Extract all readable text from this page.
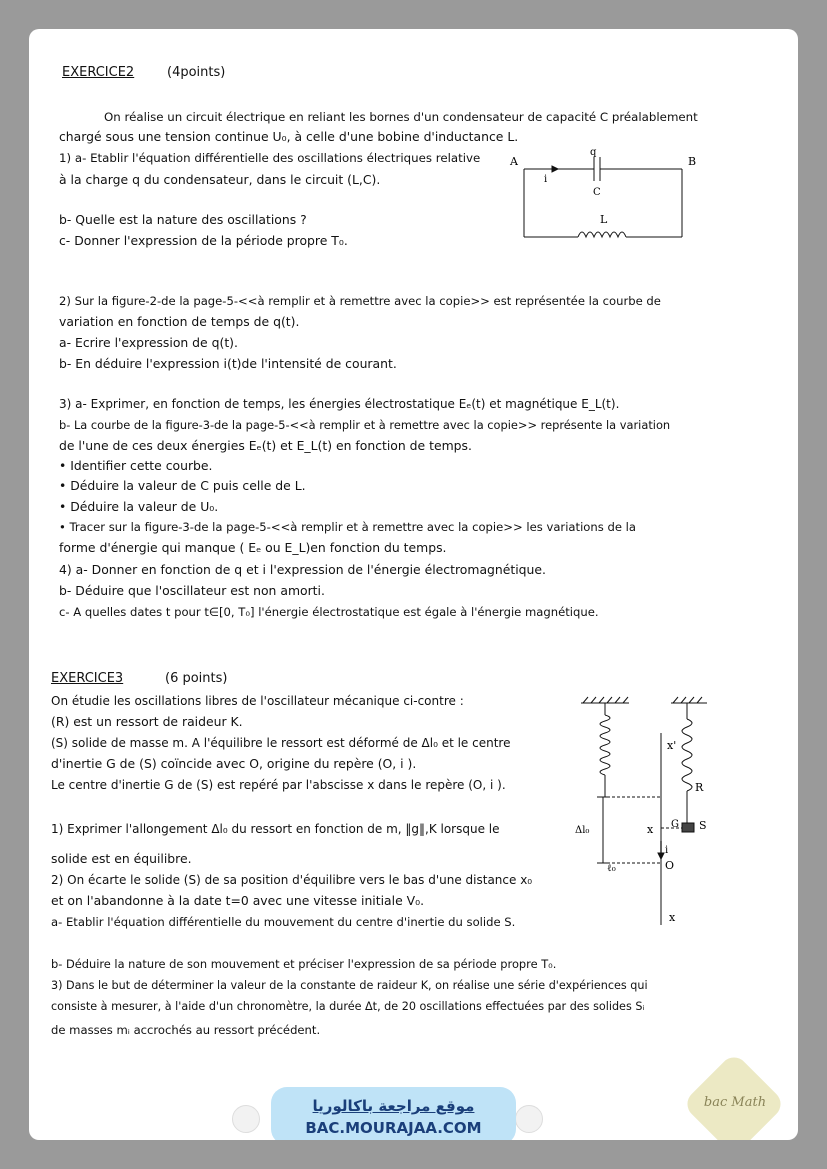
EXERCICE2	(4points)
On réalise un circuit électrique en reliant les bornes d'un condensateur de capacité C préalablement
chargé sous une tension continue U₀, à celle d'une bobine d'inductance L.
1) a- Etablir l'équation différentielle des oscillations électriques relative
à la charge q du condensateur, dans le circuit (L,C).
b- Quelle est la nature des oscillations ?
c- Donner l'expression de la période propre T₀.
A	B
q
i
C
L
2) Sur la figure-2-de la page-5-<<à remplir et à remettre avec la copie>> est représentée la courbe de
variation en fonction de temps de q(t).
a- Ecrire l'expression de q(t).
b- En déduire l'expression i(t)de l'intensité de courant.
3) a- Exprimer, en fonction de temps, les énergies électrostatique Eₑ(t) et magnétique E_L(t).
b- La courbe de la figure-3-de la page-5-<<à remplir et à remettre avec la copie>> représente la variation
de l'une de ces deux énergies Eₑ(t) et E_L(t) en fonction de temps.
• Identifier cette courbe.
• Déduire la valeur de C puis celle de L.
• Déduire la valeur de U₀.
• Tracer sur la figure-3-de la page-5-<<à remplir et à remettre avec la copie>> les variations de la
forme d'énergie qui manque ( Eₑ ou E_L)en fonction du temps.
4) a- Donner en fonction de q et i l'expression de l'énergie électromagnétique.
b- Déduire que l'oscillateur est non amorti.
c- A quelles dates t pour t∈[0, T₀] l'énergie électrostatique est égale à l'énergie magnétique.
EXERCICE3	(6 points)
On étudie les oscillations libres de l'oscillateur mécanique ci-contre :
(R) est un ressort de raideur K.
(S) solide de masse m. A l'équilibre le ressort est déformé de Δl₀ et le centre
d'inertie G de (S) coïncide avec O, origine du repère (O, i ).
Le centre d'inertie G de (S) est repéré par l'abscisse x dans le repère (O, i ).
1) Exprimer l'allongement Δl₀ du ressort en fonction de m, ‖g‖,K lorsque le
solide est en équilibre.
2) On écarte le solide (S) de sa position d'équilibre vers le bas d'une distance x₀
et on l'abandonne à la date t=0 avec une vitesse initiale V₀.
a- Etablir l'équation différentielle du mouvement du centre d'inertie du solide S.
b- Déduire la nature de son mouvement et préciser l'expression de sa période propre T₀.
3) Dans le but de déterminer la valeur de la constante de raideur K, on réalise une série d'expériences qui
consiste à mesurer, à l'aide d'un chronomètre, la durée Δt, de 20 oscillations effectuées par des solides Sᵢ
de masses mᵢ accrochés au ressort précédent.
x'
R
S
G
x
i
O
Δl₀
ℓ₀
x
موقع مراجعة باكالوريا
BAC.MOURAJAA.COM
bac Math
